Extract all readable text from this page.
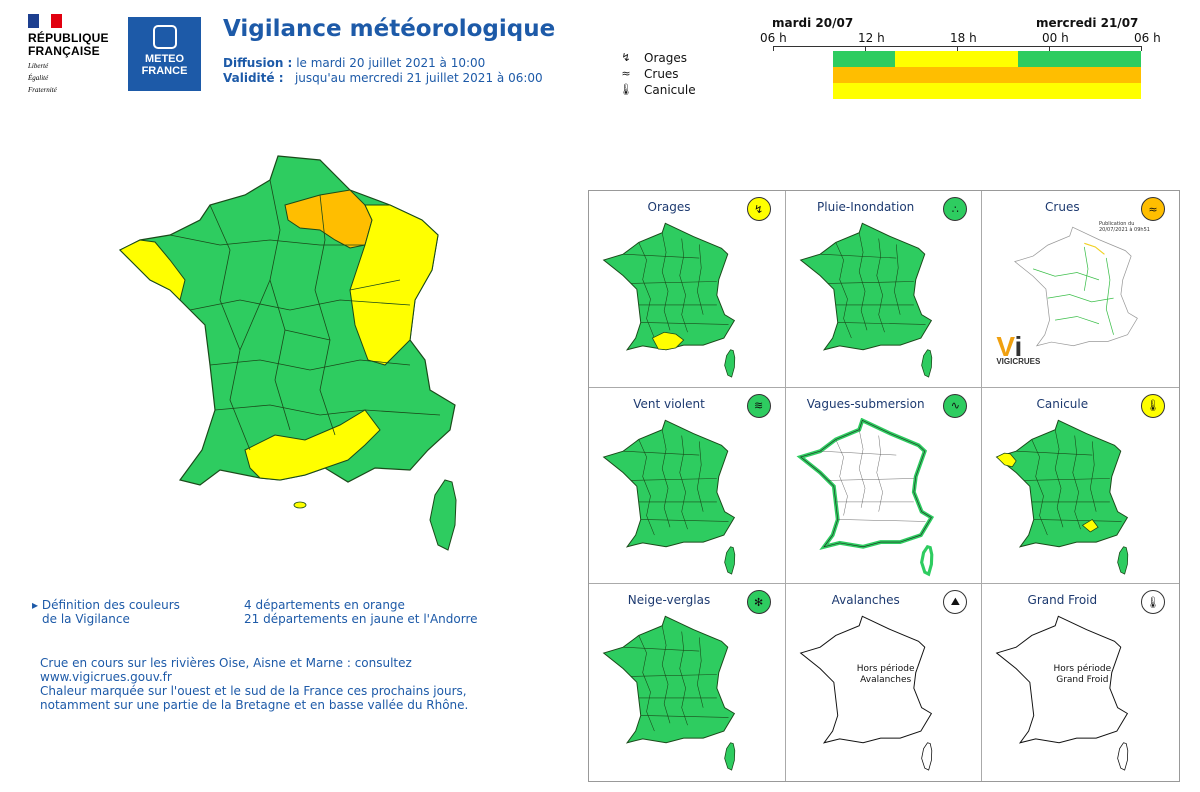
RÉPUBLIQUE
FRANÇAISE
Liberté
Égalité
Fraternité
METEO
FRANCE
Vigilance météorologique
Diffusion : le mardi 20 juillet 2021 à 10:00
Validité : jusqu'au mercredi 21 juillet 2021 à 06:00
↯ Orages
≈ Crues
🌡 Canicule
mardi 20/07	mercredi 21/07
06 h	12 h	18 h	00 h	06 h
▸ Définition des couleurs
de la Vigilance
4 départements en orange
21 départements en jaune et l'Andorre
Crue en cours sur les rivières Oise, Aisne et Marne : consultez
www.vigicrues.gouv.fr
Chaleur marquée sur l'ouest et le sud de la France ces prochains jours,
notamment sur une partie de la Bretagne et en basse vallée du Rhône.
Orages	↯	Pluie-Inondation	∴	Crues	≈
Publication du 20/07/2021 à 09h51
Vi
VIGICRUES
Vent violent	≋	Vagues-submersion	∿	Canicule	🌡
Neige-verglas	✻	Avalanches	⛰
Hors période
Avalanches
Grand Froid	🌡
Hors période
Grand Froid
